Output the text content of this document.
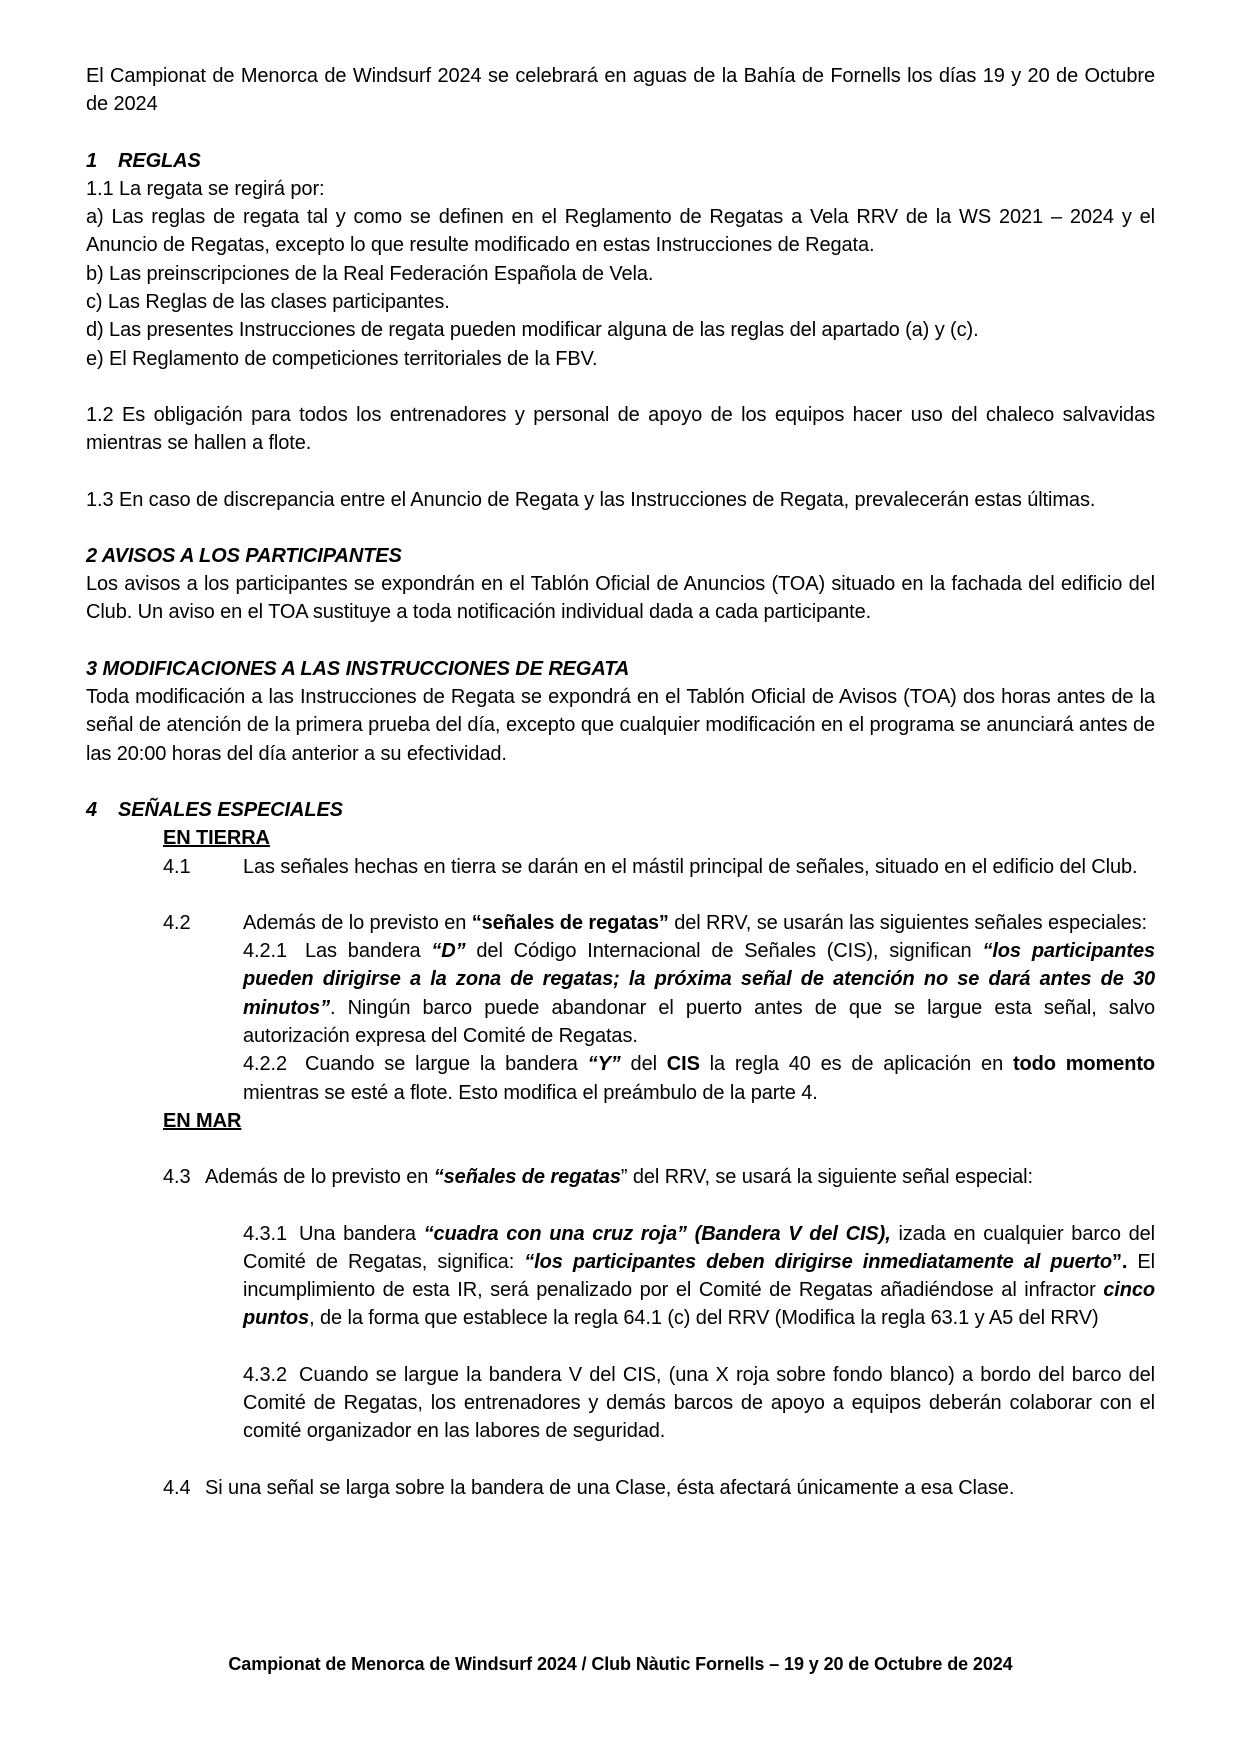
El Campionat de Menorca de Windsurf 2024 se celebrará en aguas de la Bahía de Fornells los días 19 y 20 de Octubre de 2024

1 REGLAS

1.1 La regata se regirá por:

a) Las reglas de regata tal y como se definen en el Reglamento de Regatas a Vela RRV de la WS 2021 – 2024 y el Anuncio de Regatas, excepto lo que resulte modificado en estas Instrucciones de Regata.

b) Las preinscripciones de la Real Federación Española de Vela.

c) Las Reglas de las clases participantes.

d) Las presentes Instrucciones de regata pueden modificar alguna de las reglas del apartado (a) y (c).

e) El Reglamento de competiciones territoriales de la FBV.

1.2 Es obligación para todos los entrenadores y personal de apoyo de los equipos hacer uso del chaleco salvavidas mientras se hallen a flote.

1.3 En caso de discrepancia entre el Anuncio de Regata y las Instrucciones de Regata, prevalecerán estas últimas.

2 AVISOS A LOS PARTICIPANTES

Los avisos a los participantes se expondrán en el Tablón Oficial de Anuncios (TOA) situado en la fachada del edificio del Club. Un aviso en el TOA sustituye a toda notificación individual dada a cada participante.

3 MODIFICACIONES A LAS INSTRUCCIONES DE REGATA

Toda modificación a las Instrucciones de Regata se expondrá en el Tablón Oficial de Avisos (TOA) dos horas antes de la señal de atención de la primera prueba del día, excepto que cualquier modificación en el programa se anunciará antes de las 20:00 horas del día anterior a su efectividad.

4 SEÑALES ESPECIALES

EN TIERRA

4.1	Las señales hechas en tierra se darán en el mástil principal de señales, situado en el edificio del Club.

4.2	Además de lo previsto en “señales de regatas” del RRV, se usarán las siguientes señales especiales:

4.2.1 Las bandera “D” del Código Internacional de Señales (CIS), significan “los participantes pueden dirigirse a la zona de regatas; la próxima señal de atención no se dará antes de 30 minutos”. Ningún barco puede abandonar el puerto antes de que se largue esta señal, salvo autorización expresa del Comité de Regatas.

4.2.2 Cuando se largue la bandera “Y” del CIS la regla 40 es de aplicación en todo momento mientras se esté a flote. Esto modifica el preámbulo de la parte 4.

EN MAR

4.3 Además de lo previsto en “señales de regatas” del RRV, se usará la siguiente señal especial:

4.3.1 Una bandera “cuadra con una cruz roja” (Bandera V del CIS), izada en cualquier barco del Comité de Regatas, significa: “los participantes deben dirigirse inmediatamente al puerto”. El incumplimiento de esta IR, será penalizado por el Comité de Regatas añadiéndose al infractor cinco puntos, de la forma que establece la regla 64.1 (c) del RRV (Modifica la regla 63.1 y A5 del RRV)

4.3.2 Cuando se largue la bandera V del CIS, (una X roja sobre fondo blanco) a bordo del barco del Comité de Regatas, los entrenadores y demás barcos de apoyo a equipos deberán colaborar con el comité organizador en las labores de seguridad.

4.4 Si una señal se larga sobre la bandera de una Clase, ésta afectará únicamente a esa Clase.

Campionat de Menorca de Windsurf 2024 / Club Nàutic Fornells – 19 y 20 de Octubre de 2024
